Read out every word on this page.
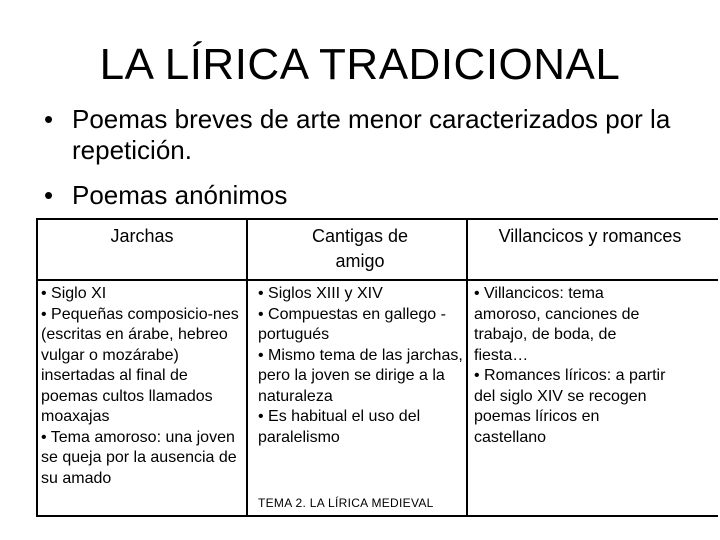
LA LÍRICA TRADICIONAL
• Poemas breves de arte menor caracterizados por la repetición.
• Poemas anónimos
Jarchas	Cantigas de amigo
Villancicos y romances

• Siglo XI

• Pequeñas composicio-nes (escritas en árabe, hebreo vulgar o mozárabe) insertadas al final de poemas cultos llamados moaxajas

• Tema amoroso: una joven se queja por la ausencia de su amado

• Siglos XIII y XIV

• Compuestas en gallego -portugués

• Mismo tema de las jarchas, pero la joven se dirige a la naturaleza

• Es habitual el uso del paralelismo

• Villancicos: tema amoroso, canciones de trabajo, de boda, de fiesta…

• Romances líricos: a partir del siglo XIV se recogen poemas líricos en castellano

TEMA 2. LA LÍRICA MEDIEVAL
